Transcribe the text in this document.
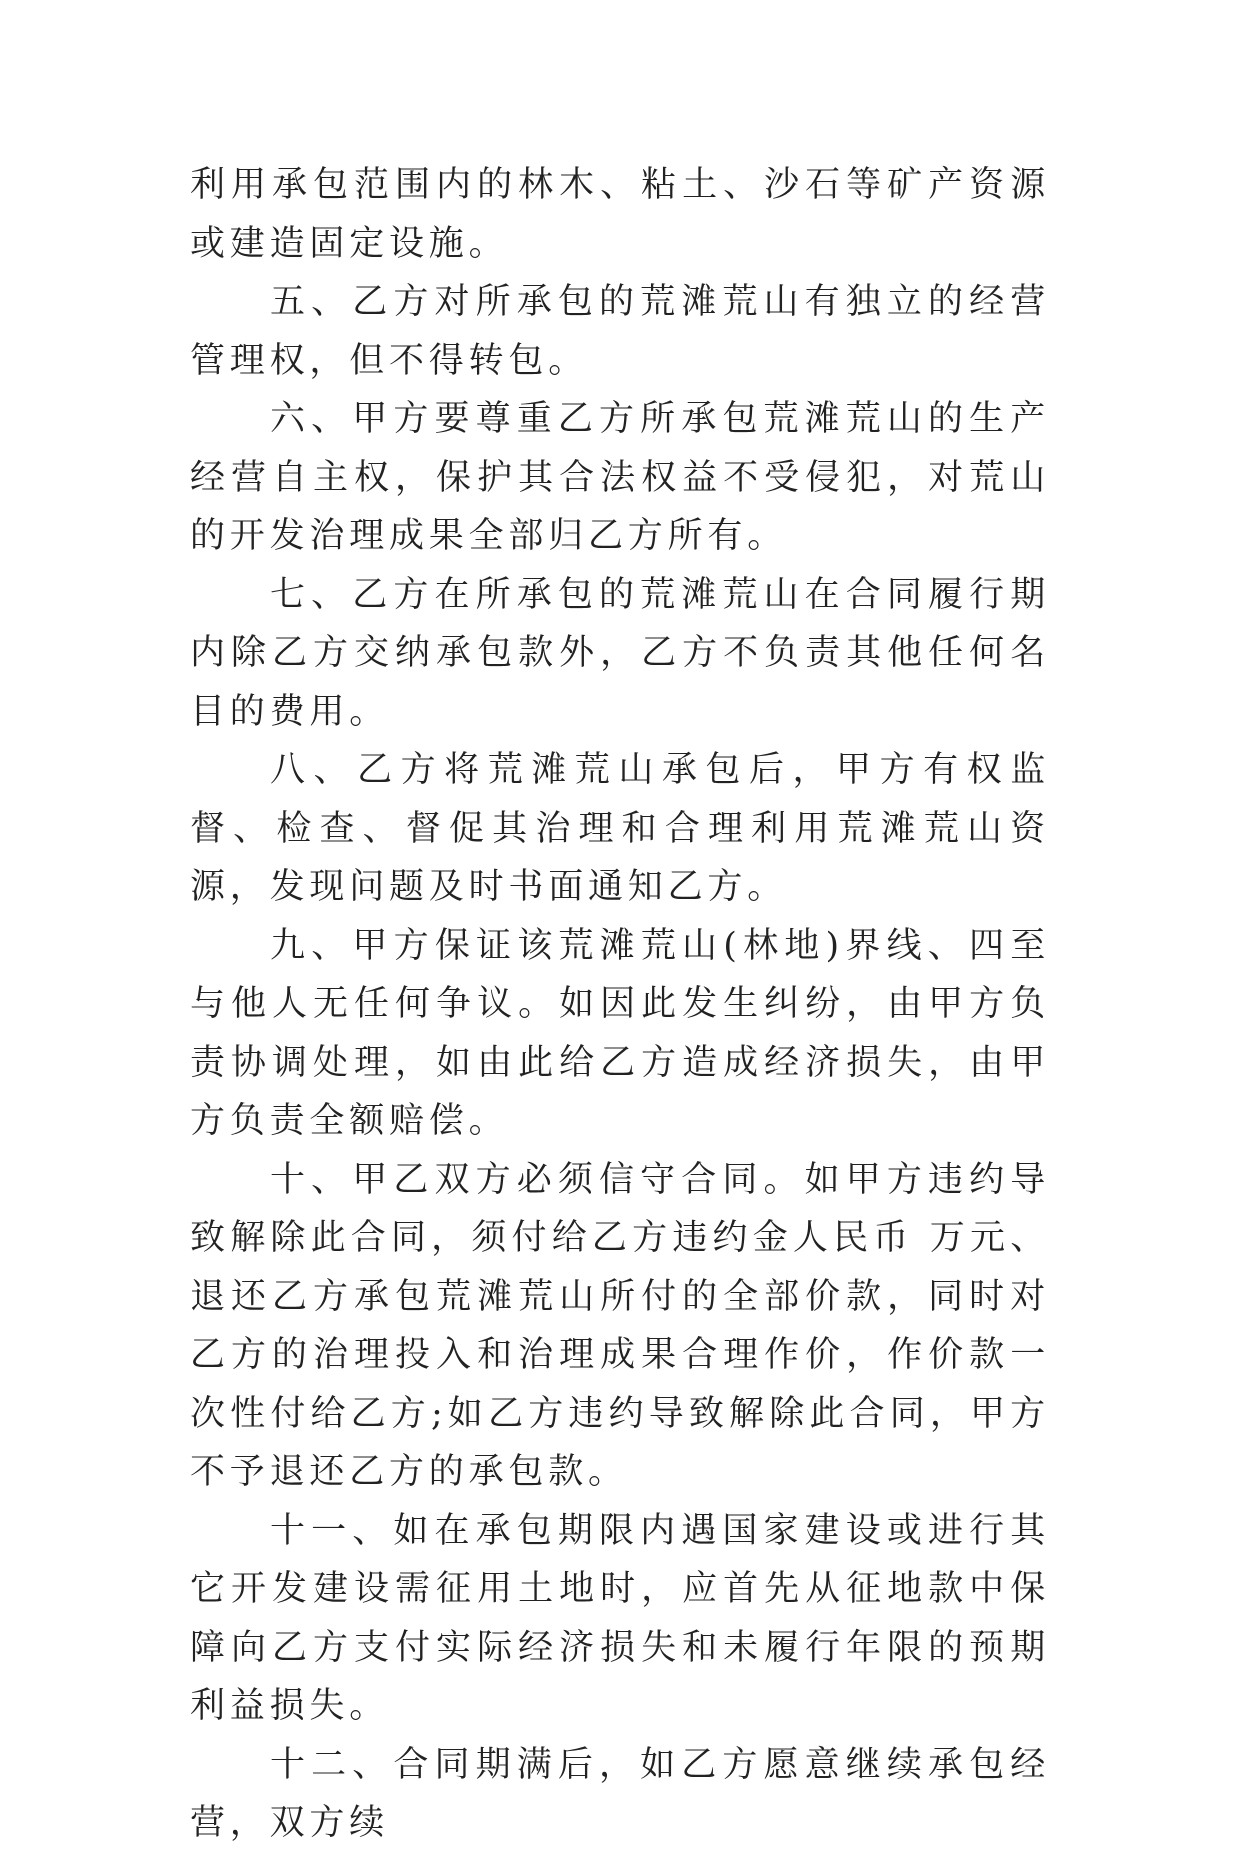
利用承包范围内的林木、粘土、沙石等矿产资源或建造固定设施。

五、乙方对所承包的荒滩荒山有独立的经营管理权，但不得转包。

六、甲方要尊重乙方所承包荒滩荒山的生产经营自主权，保护其合法权益不受侵犯，对荒山的开发治理成果全部归乙方所有。

七、乙方在所承包的荒滩荒山在合同履行期内除乙方交纳承包款外，乙方不负责其他任何名目的费用。

八、乙方将荒滩荒山承包后，甲方有权监督、检查、督促其治理和合理利用荒滩荒山资源，发现问题及时书面通知乙方。

九、甲方保证该荒滩荒山(林地)界线、四至与他人无任何争议。如因此发生纠纷，由甲方负责协调处理，如由此给乙方造成经济损失，由甲方负责全额赔偿。

十、甲乙双方必须信守合同。如甲方违约导致解除此合同，须付给乙方违约金人民币 万元、退还乙方承包荒滩荒山所付的全部价款，同时对乙方的治理投入和治理成果合理作价，作价款一次性付给乙方;如乙方违约导致解除此合同，甲方不予退还乙方的承包款。

十一、如在承包期限内遇国家建设或进行其它开发建设需征用土地时，应首先从征地款中保障向乙方支付实际经济损失和未履行年限的预期利益损失。

十二、合同期满后，如乙方愿意继续承包经营，双方续
